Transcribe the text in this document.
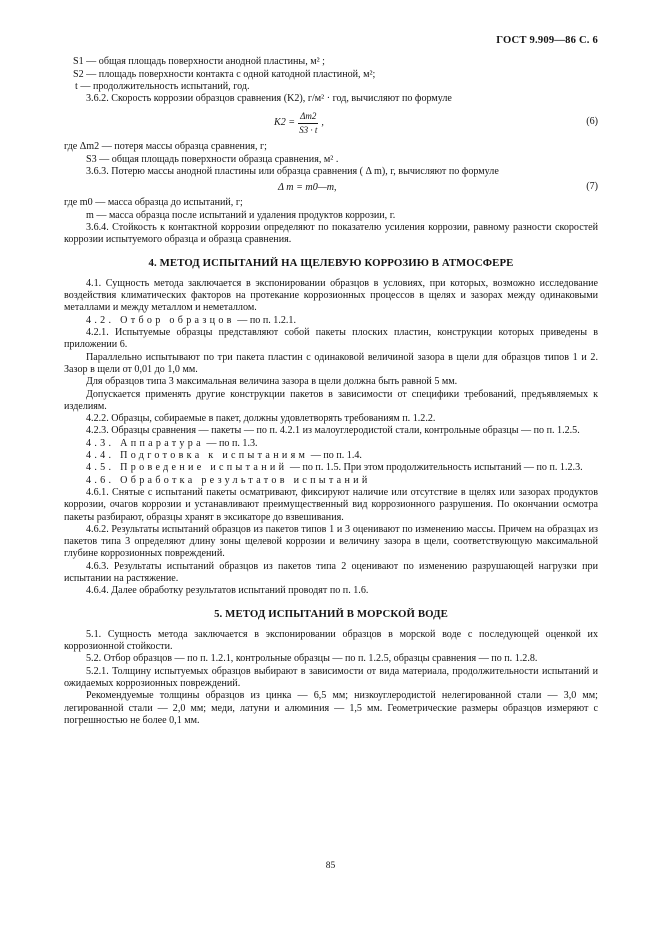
ГОСТ 9.909—86 С. 6

S1 — общая площадь поверхности анодной пластины, м² ;

S2 — площадь поверхности контакта с одной катодной пластиной, м²;

t — продолжительность испытаний, год.

3.6.2. Скорость коррозии образцов сравнения (K2), г/м² · год, вычисляют по формуле

$K2 = \frac{\Delta m2}{S3 \cdot t}$ ,	(6)

где Δm2 — потеря массы образца сравнения, г;

S3 — общая площадь поверхности образца сравнения, м² .

3.6.3. Потерю массы анодной пластины или образца сравнения ( Δ m), г, вычисляют по формуле

Δ m = m0—m,	(7)

где m0 — масса образца до испытаний, г;

m — масса образца после испытаний и удаления продуктов коррозии, г.

3.6.4. Стойкость к контактной коррозии определяют по показателю усиления коррозии, равному разности скоростей коррозии испытуемого образца и образца сравнения.

4. МЕТОД ИСПЫТАНИЙ НА ЩЕЛЕВУЮ КОРРОЗИЮ В АТМОСФЕРЕ

4.1. Сущность метода заключается в экспонировании образцов в условиях, при которых, возможно исследование воздействия климатических факторов на протекание коррозионных процессов в щелях и зазорах между одинаковыми металлами и между металлом и неметаллом.

4.2. Отбор образцов — по п. 1.2.1.

4.2.1. Испытуемые образцы представляют собой пакеты плоских пластин, конструкции которых приведены в приложении 6.

Параллельно испытывают по три пакета пластин с одинаковой величиной зазора в щели для образцов типов 1 и 2. Зазор в щели от 0,01 до 1,0 мм.

Для образцов типа 3 максимальная величина зазора в щели должна быть равной 5 мм.

Допускается применять другие конструкции пакетов в зависимости от специфики требований, предъявляемых к изделиям.

4.2.2. Образцы, собираемые в пакет, должны удовлетворять требованиям п. 1.2.2.

4.2.3. Образцы сравнения — пакеты — по п. 4.2.1 из малоуглеродистой стали, контрольные образцы — по п. 1.2.5.

4.3. Аппаратура — по п. 1.3.

4.4. Подготовка к испытаниям — по п. 1.4.

4.5. Проведение испытаний — по п. 1.5. При этом продолжительность испытаний — по п. 1.2.3.

4.6. Обработка результатов испытаний

4.6.1. Снятые с испытаний пакеты осматривают, фиксируют наличие или отсутствие в щелях или зазорах продуктов коррозии, очагов коррозии и устанавливают преимущественный вид коррозионного разрушения. По окончании осмотра пакеты разбирают, образцы хранят в эксикаторе до взвешивания.

4.6.2. Результаты испытаний образцов из пакетов типов 1 и 3 оценивают по изменению массы. Причем на образцах из пакетов типа 3 определяют длину зоны щелевой коррозии и величину зазора в щели, соответствующую максимальной глубине коррозионных повреждений.

4.6.3. Результаты испытаний образцов из пакетов типа 2 оценивают по изменению разрушающей нагрузки при испытании на растяжение.

4.6.4. Далее обработку результатов испытаний проводят по п. 1.6.

5. МЕТОД ИСПЫТАНИЙ В МОРСКОЙ ВОДЕ

5.1. Сущность метода заключается в экспонировании образцов в морской воде с последующей оценкой их коррозионной стойкости.

5.2. Отбор образцов — по п. 1.2.1, контрольные образцы — по п. 1.2.5, образцы сравнения — по п. 1.2.8.

5.2.1. Толщину испытуемых образцов выбирают в зависимости от вида материала, продолжительности испытаний и ожидаемых коррозионных повреждений.

Рекомендуемые толщины образцов из цинка — 6,5 мм; низкоуглеродистой нелегированной стали — 3,0 мм; легированной стали — 2,0 мм; меди, латуни и алюминия — 1,5 мм. Геометрические размеры образцов измеряют с погрешностью не более 0,1 мм.

85
